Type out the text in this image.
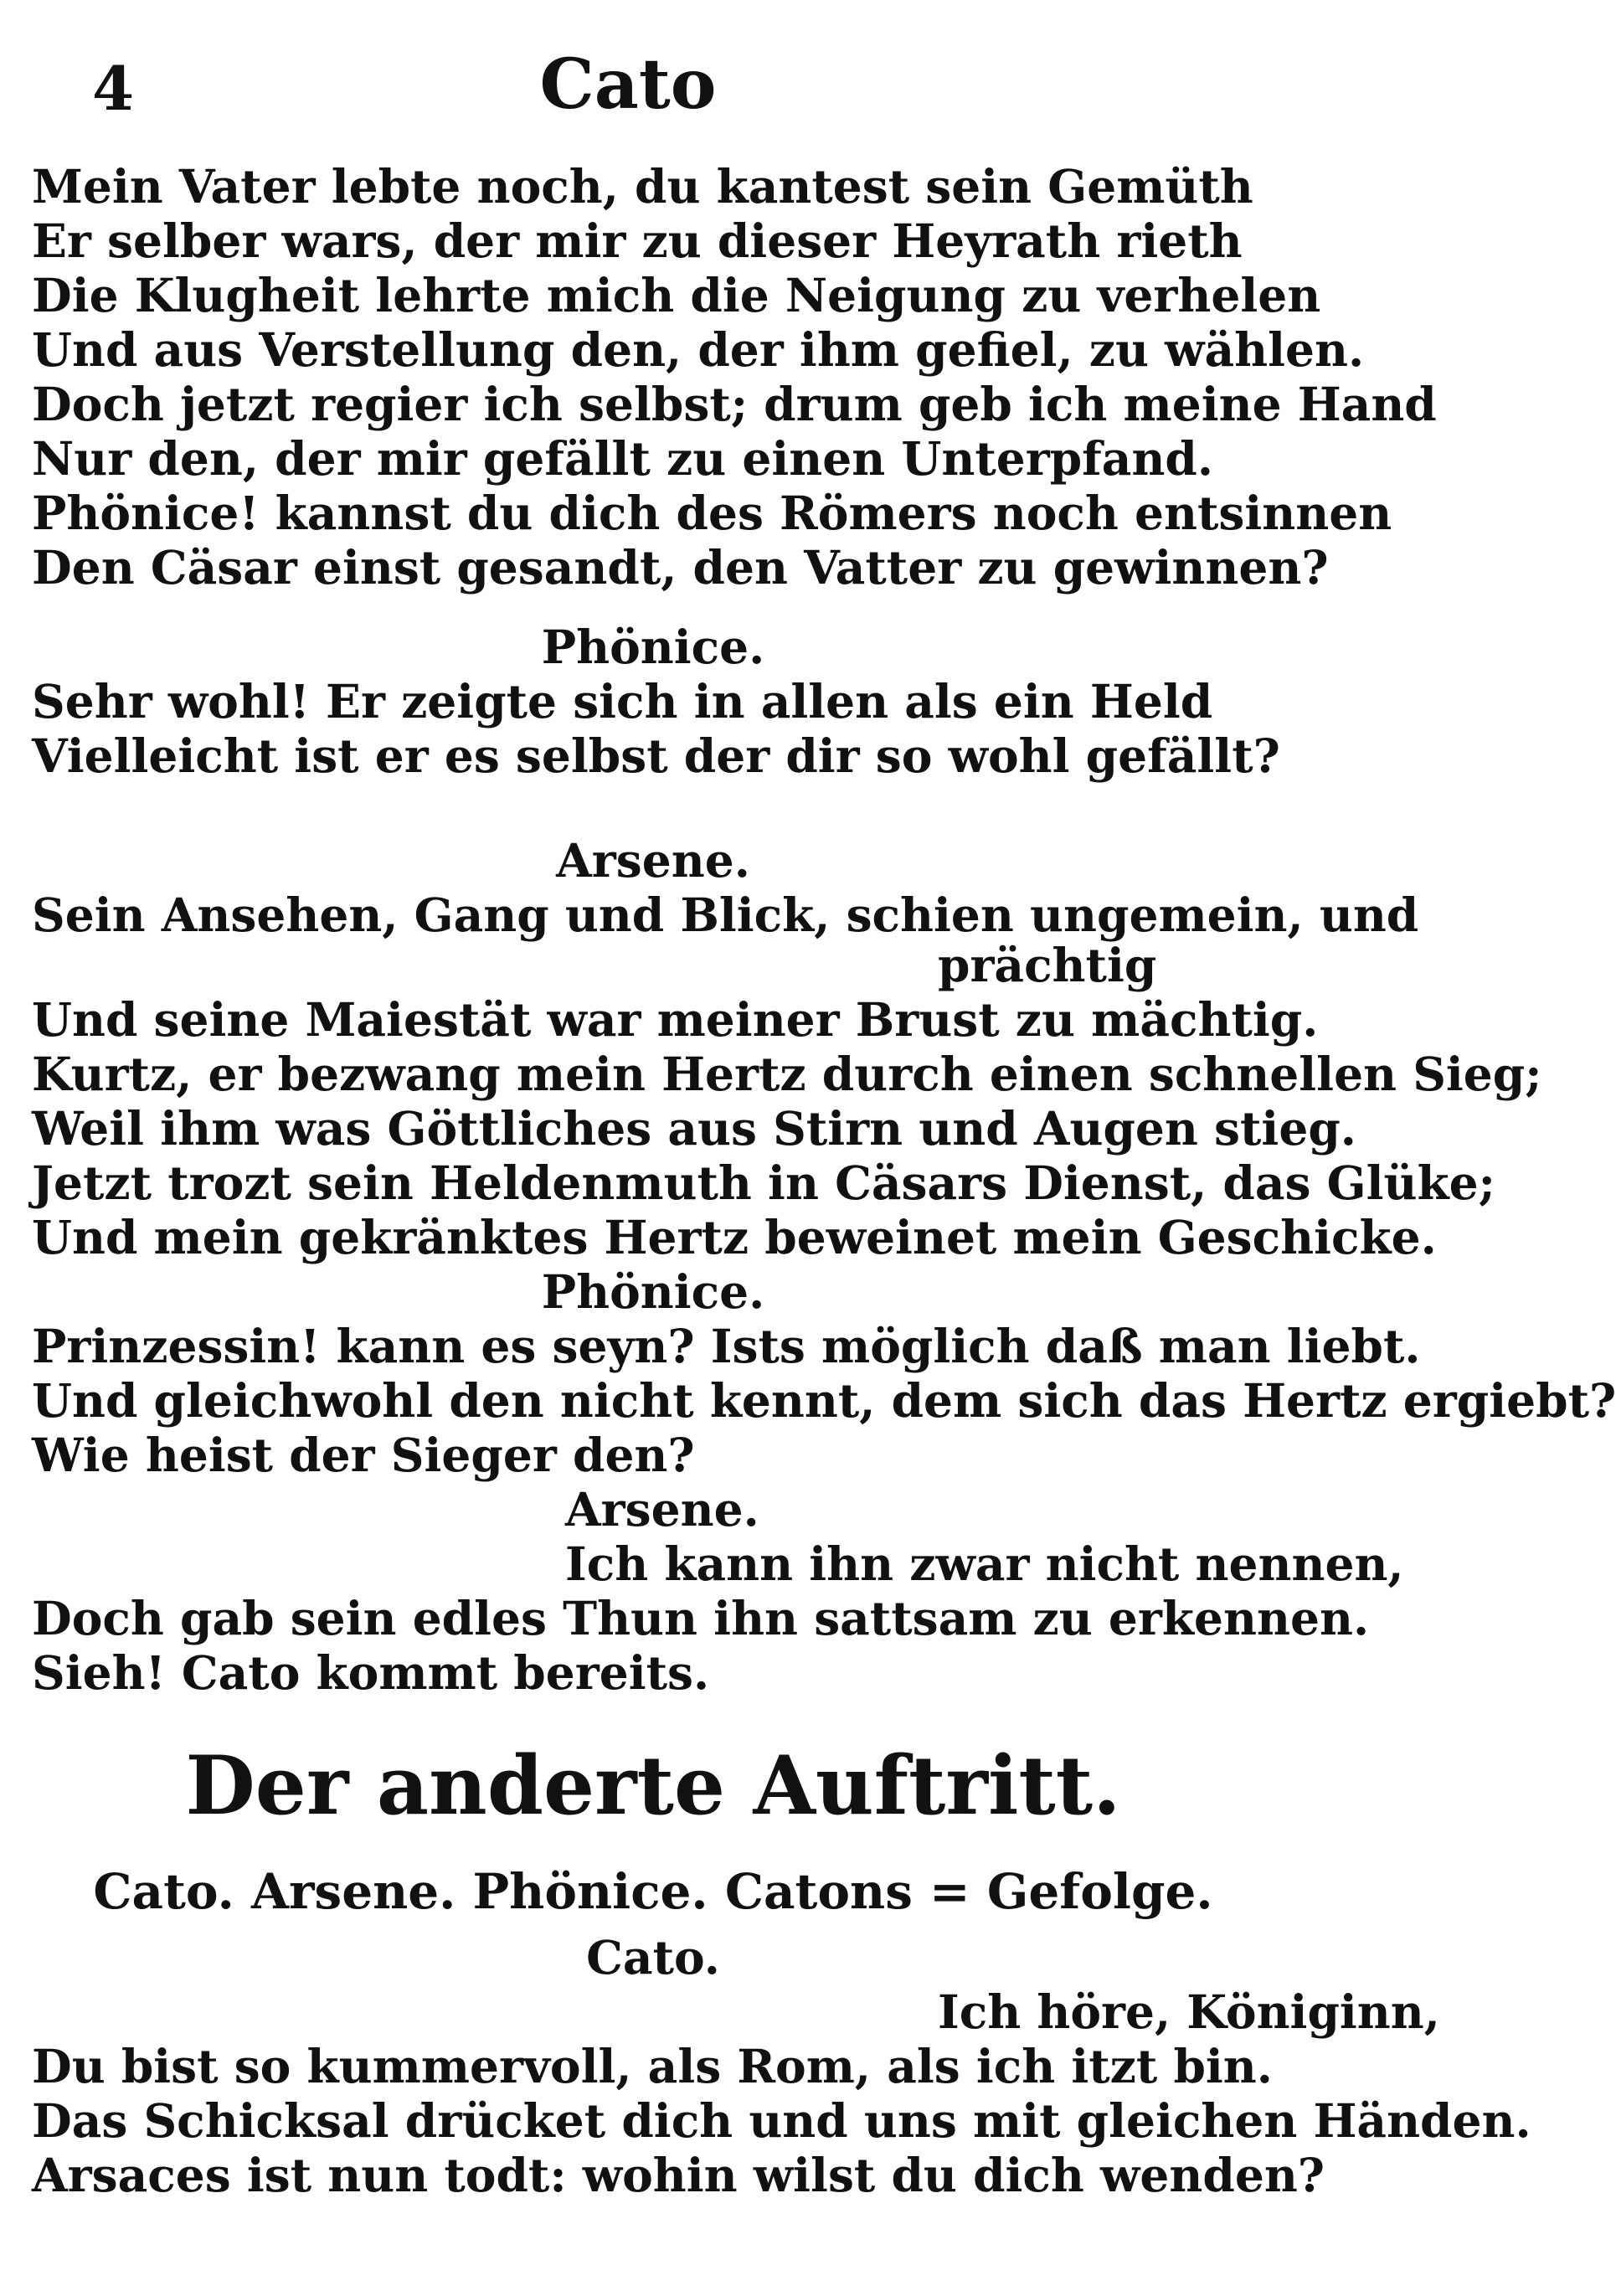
4	Cato
Mein Vater lebte noch, du kantest sein Gemüth
Er selber wars, der mir zu dieser Heyrath rieth
Die Klugheit lehrte mich die Neigung zu verhelen
Und aus Verstellung den, der ihm gefiel, zu wählen.
Doch jetzt regier ich selbst; drum geb ich meine Hand
Nur den, der mir gefällt zu einen Unterpfand.
Phönice! kannst du dich des Römers noch entsinnen
Den Cäsar einst gesandt, den Vatter zu gewinnen?
Phönice.
Sehr wohl! Er zeigte sich in allen als ein Held
Vielleicht ist er es selbst der dir so wohl gefällt?
Arsene.
Sein Ansehen, Gang und Blick, schien ungemein, und
prächtig
Und seine Maiestät war meiner Brust zu mächtig.
Kurtz, er bezwang mein Hertz durch einen schnellen Sieg;
Weil ihm was Göttliches aus Stirn und Augen stieg.
Jetzt trozt sein Heldenmuth in Cäsars Dienst, das Glüke;
Und mein gekränktes Hertz beweinet mein Geschicke.
Phönice.
Prinzessin! kann es seyn? Ists möglich daß man liebt.
Und gleichwohl den nicht kennt, dem sich das Hertz ergiebt?
Wie heist der Sieger den?
Arsene.
Ich kann ihn zwar nicht nennen,
Doch gab sein edles Thun ihn sattsam zu erkennen.
Sieh! Cato kommt bereits.
Der anderte Auftritt.
Cato. Arsene. Phönice. Catons = Gefolge.
Cato.
Ich höre, Königinn,
Du bist so kummervoll, als Rom, als ich itzt bin.
Das Schicksal drücket dich und uns mit gleichen Händen.
Arsaces ist nun todt: wohin wilst du dich wenden?
